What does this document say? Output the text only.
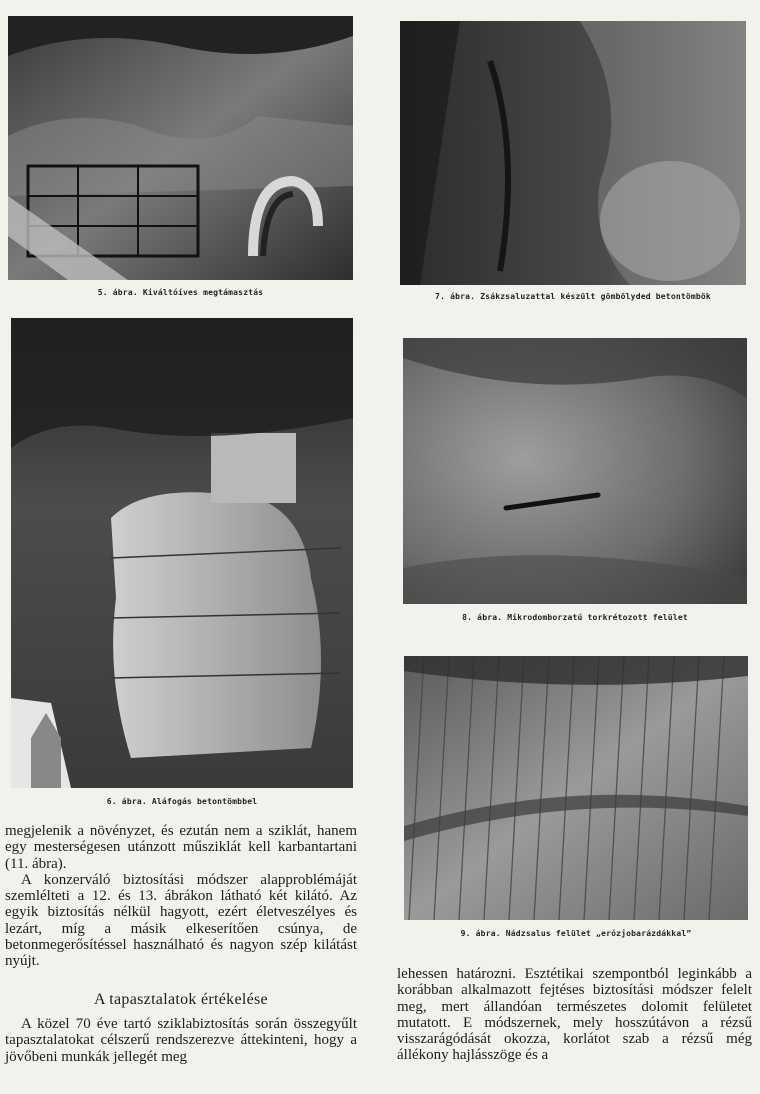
5. ábra. Kiváltóíves megtámasztás	7. ábra. Zsákzsaluzattal készült gömbölyded betontömbök
6. ábra. Aláfogás betontömbbel
8. ábra. Mikrodomborzatú torkrétozott felület
9. ábra. Nádzsalus felület „erózjobarázdákkal”

megjelenik a növényzet, és ezután nem a sziklát, hanem egy mesterségesen utánzott műsziklát kell karbantartani (11. ábra).

A konzerváló biztosítási módszer alapproblémáját szemlélteti a 12. és 13. ábrákon látható két kilátó. Az egyik biztosítás nélkül hagyott, ezért életveszélyes és lezárt, míg a másik elkeserítően csúnya, de betonmegerősítéssel használható és nagyon szép kilátást nyújt.

A tapasztalatok értékelése

A közel 70 éve tartó sziklabiztosítás során összegyűlt tapasztalatokat célszerű rendszerezve áttekinteni, hogy a jövőbeni munkák jellegét meg

lehessen határozni. Esztétikai szempontból leginkább a korábban alkalmazott fejtéses biztosítási módszer felelt meg, mert állandóan természetes dolomit felületet mutatott. E módszernek, mely hosszútávon a rézsű visszarágódását okozza, korlátot szab a rézsű még állékony hajlásszöge és a
